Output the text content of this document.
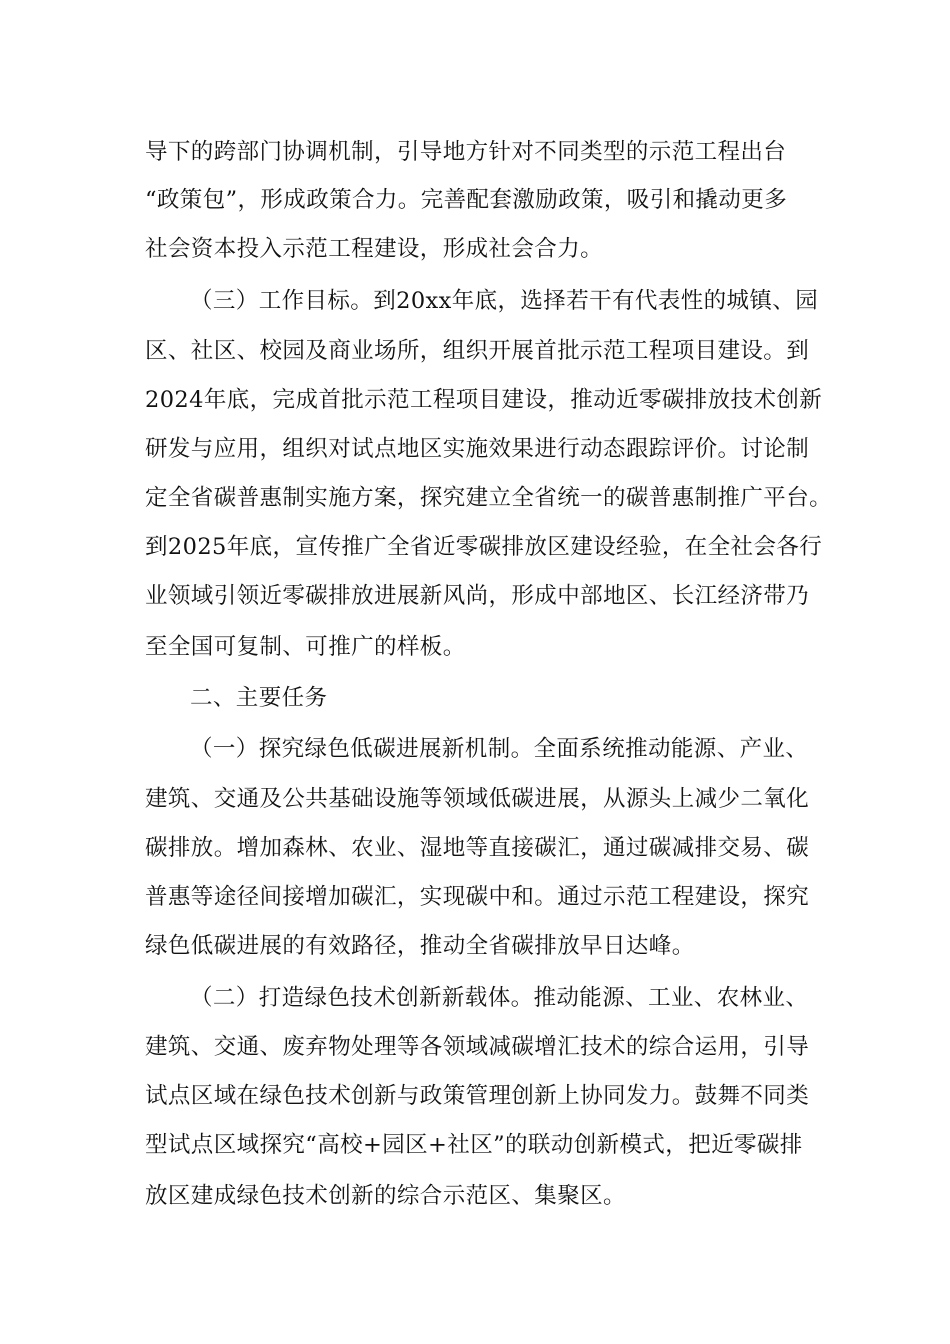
导下的跨部门协调机制，引导地方针对不同类型的示范工程出台
“政策包”，形成政策合力。完善配套激励政策，吸引和撬动更多
社会资本投入示范工程建设，形成社会合力。
（三）工作目标。到20xx年底，选择若干有代表性的城镇、园
区、社区、校园及商业场所，组织开展首批示范工程项目建设。到
2024年底，完成首批示范工程项目建设，推动近零碳排放技术创新
研发与应用，组织对试点地区实施效果进行动态跟踪评价。讨论制
定全省碳普惠制实施方案，探究建立全省统一的碳普惠制推广平台。
到2025年底，宣传推广全省近零碳排放区建设经验，在全社会各行
业领域引领近零碳排放进展新风尚，形成中部地区、长江经济带乃
至全国可复制、可推广的样板。
二、主要任务
（一）探究绿色低碳进展新机制。全面系统推动能源、产业、
建筑、交通及公共基础设施等领域低碳进展，从源头上减少二氧化
碳排放。增加森林、农业、湿地等直接碳汇，通过碳减排交易、碳
普惠等途径间接增加碳汇，实现碳中和。通过示范工程建设，探究
绿色低碳进展的有效路径，推动全省碳排放早日达峰。
（二）打造绿色技术创新新载体。推动能源、工业、农林业、
建筑、交通、废弃物处理等各领域减碳增汇技术的综合运用，引导
试点区域在绿色技术创新与政策管理创新上协同发力。鼓舞不同类
型试点区域探究“高校+园区+社区”的联动创新模式，把近零碳排
放区建成绿色技术创新的综合示范区、集聚区。
